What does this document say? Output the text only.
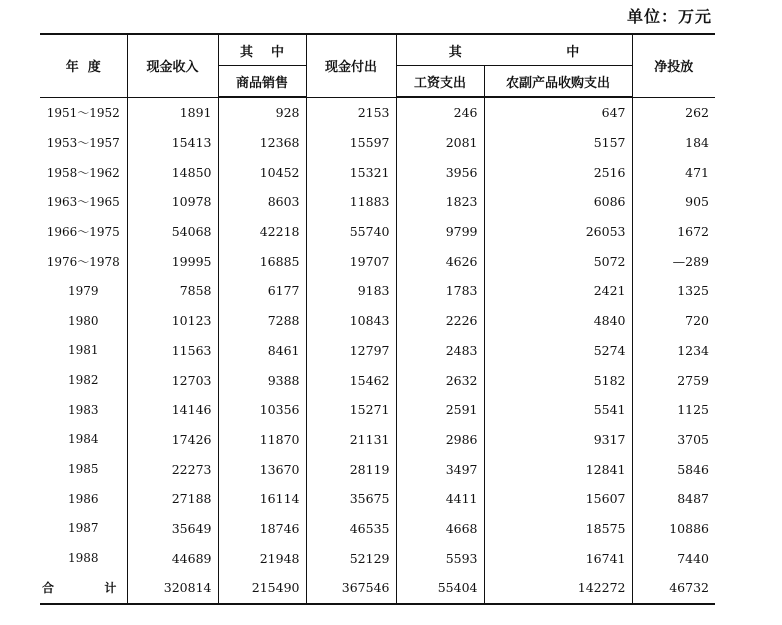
单位：万元
年  度	现金收入	其    中	现金付出	其 中		净投放
		商品销售		工资支出	农副产品收购支出	
1951～1952	1891	928	2153	246	647	262
1953～1957	15413	12368	15597	2081	5157	184
1958～1962	14850	10452	15321	3956	2516	471
1963～1965	10978	8603	11883	1823	6086	905
1966～1975	54068	42218	55740	9799	26053	1672
1976～1978	19995	16885	19707	4626	5072	—289
1979	7858	6177	9183	1783	2421	1325
1980	10123	7288	10843	2226	4840	720
1981	11563	8461	12797	2483	5274	1234
1982	12703	9388	15462	2632	5182	2759
1983	14146	10356	15271	2591	5541	1125
1984	17426	11870	21131	2986	9317	3705
1985	22273	13670	28119	3497	12841	5846
1986	27188	16114	35675	4411	15607	8487
1987	35649	18746	46535	4668	18575	10886
1988	44689	21948	52129	5593	16741	7440
合  计	320814	215490	367546	55404	142272	46732
